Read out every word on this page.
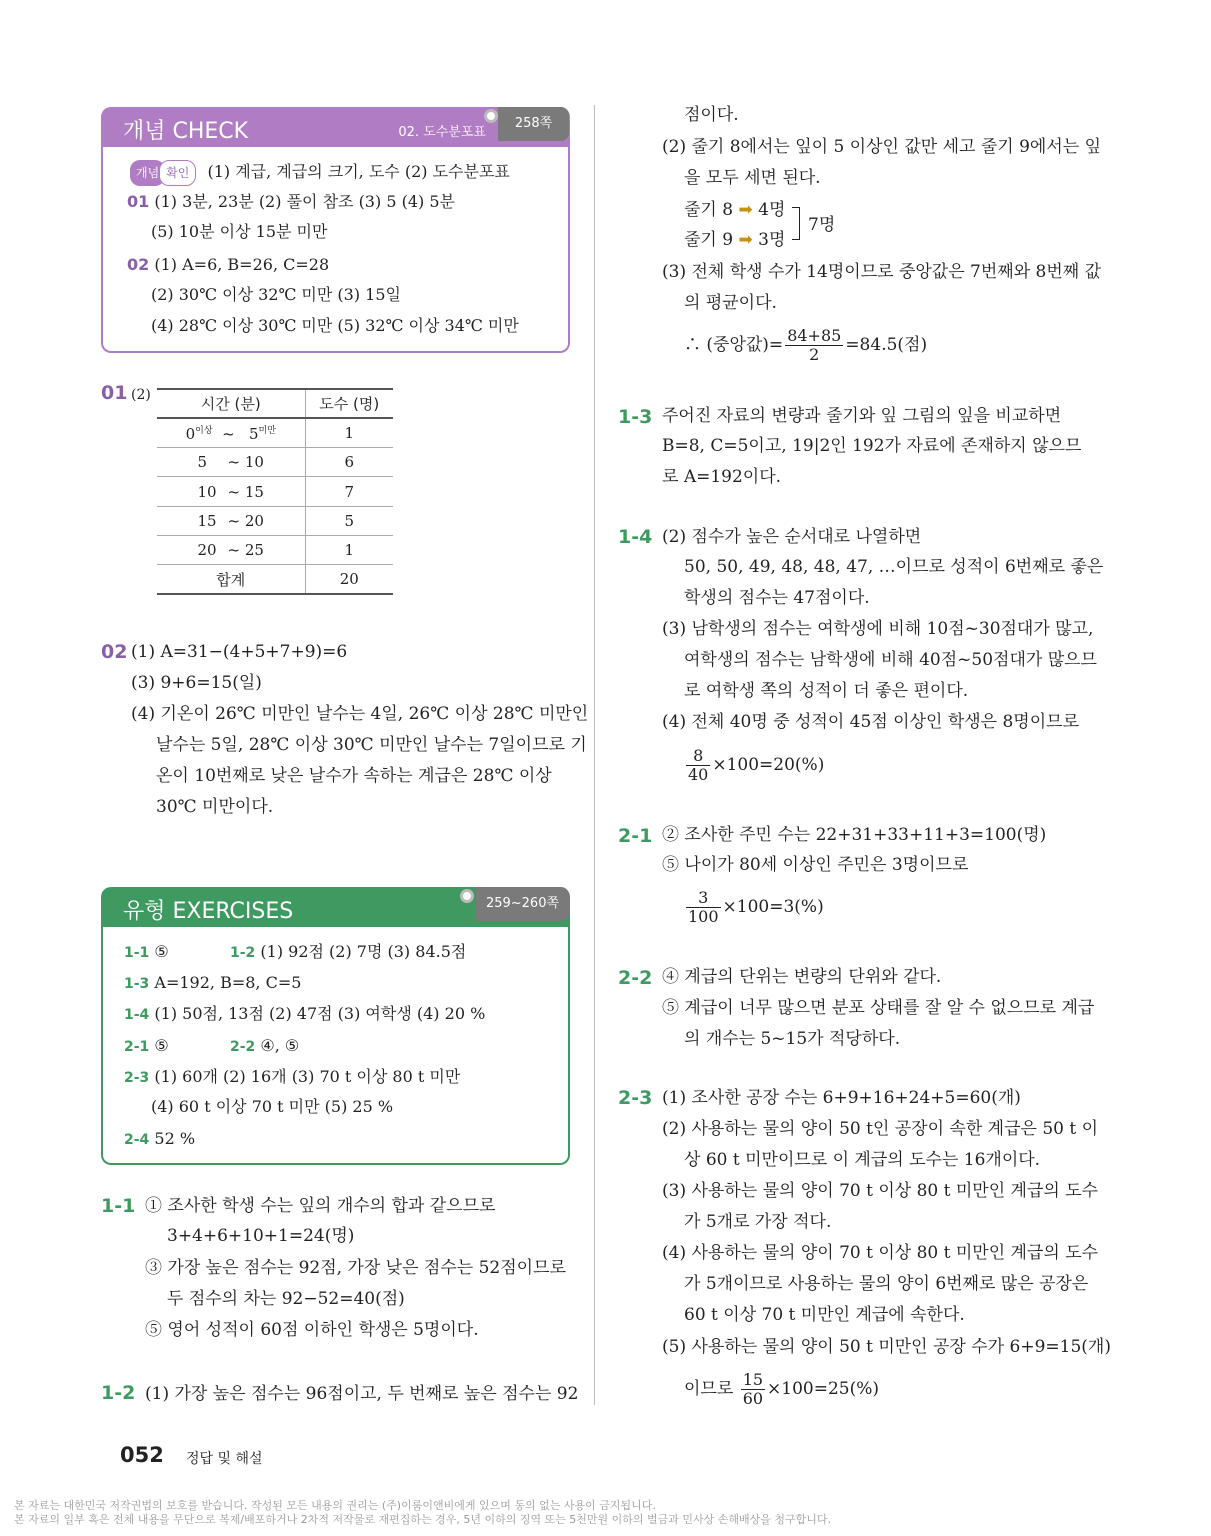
개념 CHECK	02. 도수분포표
258쪽
개념 확인 (1) 계급, 계급의 크기, 도수 (2) 도수분포표
01 (1) 3분, 23분 (2) 풀이 참조 (3) 5 (4) 5분
(5) 10분 이상 15분 미만
02 (1) A=6, B=26, C=28
(2) 30℃ 이상 32℃ 미만 (3) 15일
(4) 28℃ 이상 30℃ 미만 (5) 32℃ 이상 34℃ 미만
01 (2)
시간 (분)	도수 (명)
$0^{이상}$ ~ $5^{미만}$	1
5 ~ 10	6
10 ~ 15	7
15 ~ 20	5
20 ~ 25	1
합계	20
02 (1) A=31−(4+5+7+9)=6
(3) 9+6=15(일)
(4) 기온이 26℃ 미만인 날수는 4일, 26℃ 이상 28℃ 미만인
날수는 5일, 28℃ 이상 30℃ 미만인 날수는 7일이므로 기
온이 10번째로 낮은 날수가 속하는 계급은 28℃ 이상
30℃ 미만이다.
유형 EXERCISES	259~260쪽
1-1 ⑤	1-2 (1) 92점 (2) 7명 (3) 84.5점
1-3 A=192, B=8, C=5
1-4 (1) 50점, 13점 (2) 47점 (3) 여학생 (4) 20 %
2-1 ⑤	2-2 ④, ⑤
2-3 (1) 60개 (2) 16개 (3) 70 t 이상 80 t 미만
(4) 60 t 이상 70 t 미만 (5) 25 %
2-4 52 %
1-1 ① 조사한 학생 수는 잎의 개수의 합과 같으므로
3+4+6+10+1=24(명)
③ 가장 높은 점수는 92점, 가장 낮은 점수는 52점이므로
두 점수의 차는 92−52=40(점)
⑤ 영어 성적이 60점 이하인 학생은 5명이다.
1-2 (1) 가장 높은 점수는 96점이고, 두 번째로 높은 점수는 92
점이다.
(2) 줄기 8에서는 잎이 5 이상인 값만 세고 줄기 9에서는 잎
을 모두 세면 된다.
줄기 8 ➡ 4명
줄기 9 ➡ 3명
7명
(3) 전체 학생 수가 14명이므로 중앙값은 7번째와 8번째 값
의 평균이다.
∴ (중앙값)= $\frac{84+85}{2} =84.5$(점)
1-3 주어진 자료의 변량과 줄기와 잎 그림의 잎을 비교하면
B=8, C=5이고, 19|2인 192가 자료에 존재하지 않으므
로 A=192이다.
1-4 (2) 점수가 높은 순서대로 나열하면
50, 50, 49, 48, 48, 47, …이므로 성적이 6번째로 좋은
학생의 점수는 47점이다.
(3) 남학생의 점수는 여학생에 비해 10점~30점대가 많고,
여학생의 점수는 남학생에 비해 40점~50점대가 많으므
로 여학생 쪽의 성적이 더 좋은 편이다.
(4) 전체 40명 중 성적이 45점 이상인 학생은 8명이므로
$\frac{8}{40} \times 100=20(\%)$
2-1 ② 조사한 주민 수는 22+31+33+11+3=100(명)
⑤ 나이가 80세 이상인 주민은 3명이므로
$\frac{3}{100} \times 100=3(\%)$
2-2 ④ 계급의 단위는 변량의 단위와 같다.
⑤ 계급이 너무 많으면 분포 상태를 잘 알 수 없으므로 계급
의 개수는 5~15가 적당하다.
2-3 (1) 조사한 공장 수는 6+9+16+24+5=60(개)
(2) 사용하는 물의 양이 50 t인 공장이 속한 계급은 50 t 이
상 60 t 미만이므로 이 계급의 도수는 16개이다.
(3) 사용하는 물의 양이 70 t 이상 80 t 미만인 계급의 도수
가 5개로 가장 적다.
(4) 사용하는 물의 양이 70 t 이상 80 t 미만인 계급의 도수
가 5개이므로 사용하는 물의 양이 6번째로 많은 공장은
60 t 이상 70 t 미만인 계급에 속한다.
(5) 사용하는 물의 양이 50 t 미만인 공장 수가 6+9=15(개)
이므로 $\frac{15}{60} \times 100=25(\%)$
052 정답 및 해설
본 자료는 대한민국 저작권법의 보호를 받습니다. 작성된 모든 내용의 권리는 (주)이룸이앤비에게 있으며 동의 없는 사용이 금지됩니다.
본 자료의 일부 혹은 전체 내용을 무단으로 복제/배포하거나 2차적 저작물로 재편집하는 경우, 5년 이하의 징역 또는 5천만원 이하의 벌금과 민사상 손해배상을 청구합니다.
